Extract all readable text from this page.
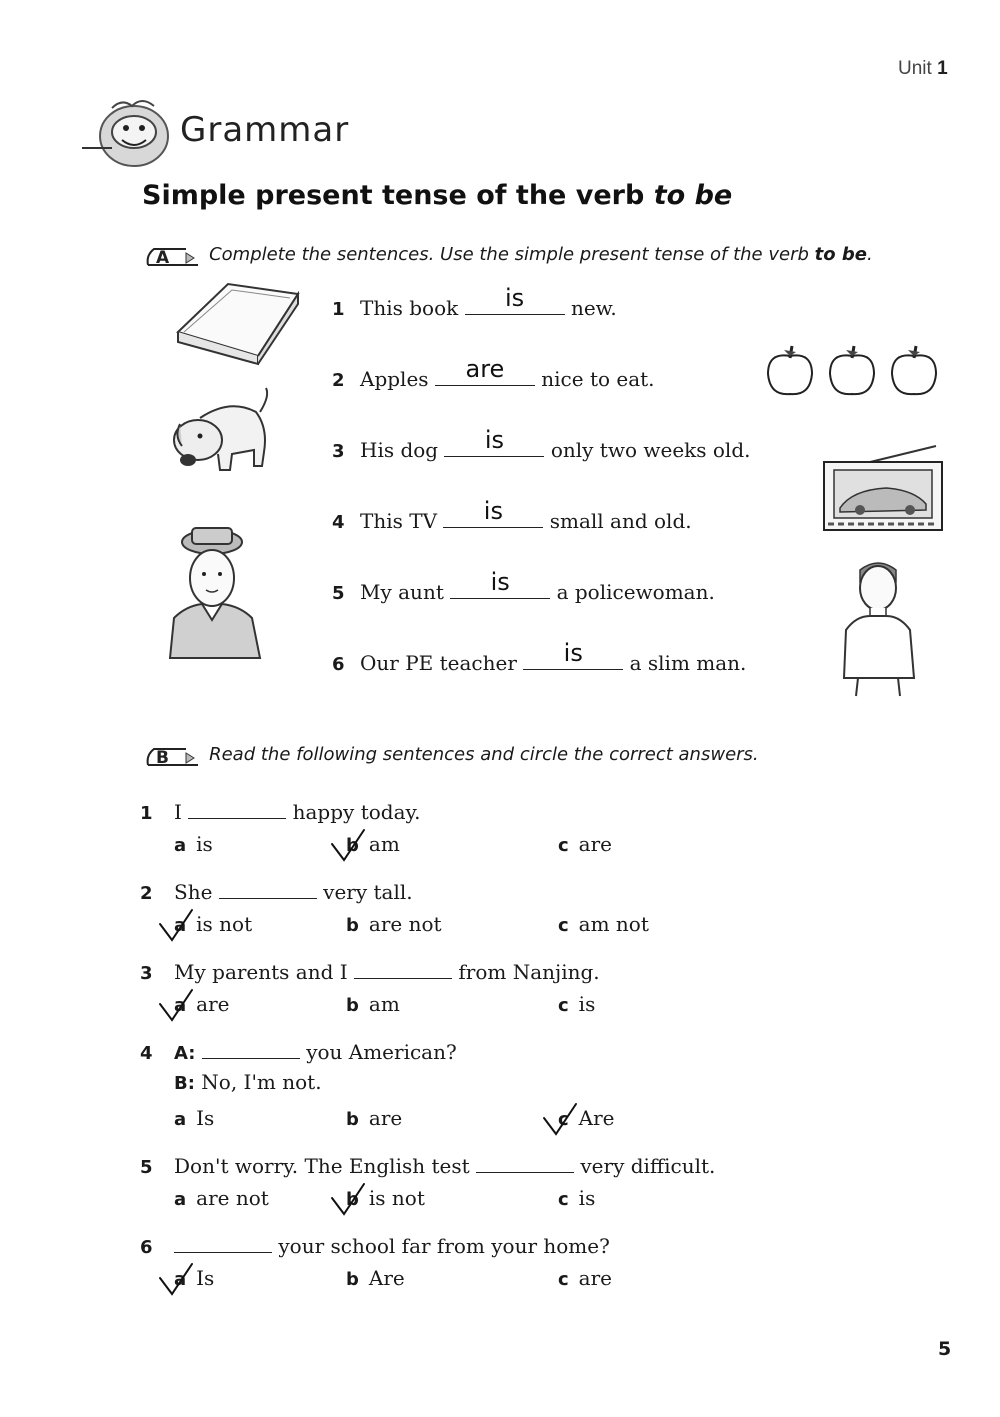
Unit 1
Grammar
Simple present tense of the verb to be
A Complete the sentences. Use the simple present tense of the verb to be.
1 This book	is	new.
2 Apples	are	nice to eat.
3 His dog	is	only two weeks old.
4 This TV	is	small and old.
5 My aunt	is	a policewoman.
6 Our PE teacher	is	a slim man.
B Read the following sentences and circle the correct answers.
1 I	happy today.
a is	b am	c are
2 She	very tall.
a is not	b are not	c am not
3 My parents and I	from Nanjing.
a are	b am	c is
4 A:	you American?
B: No, I'm not.
a Is	b are	c Are
5 Don't worry. The English test	very difficult.
a are not	b is not	c is
6	your school far from your home?
a Is	b Are	c are
5
